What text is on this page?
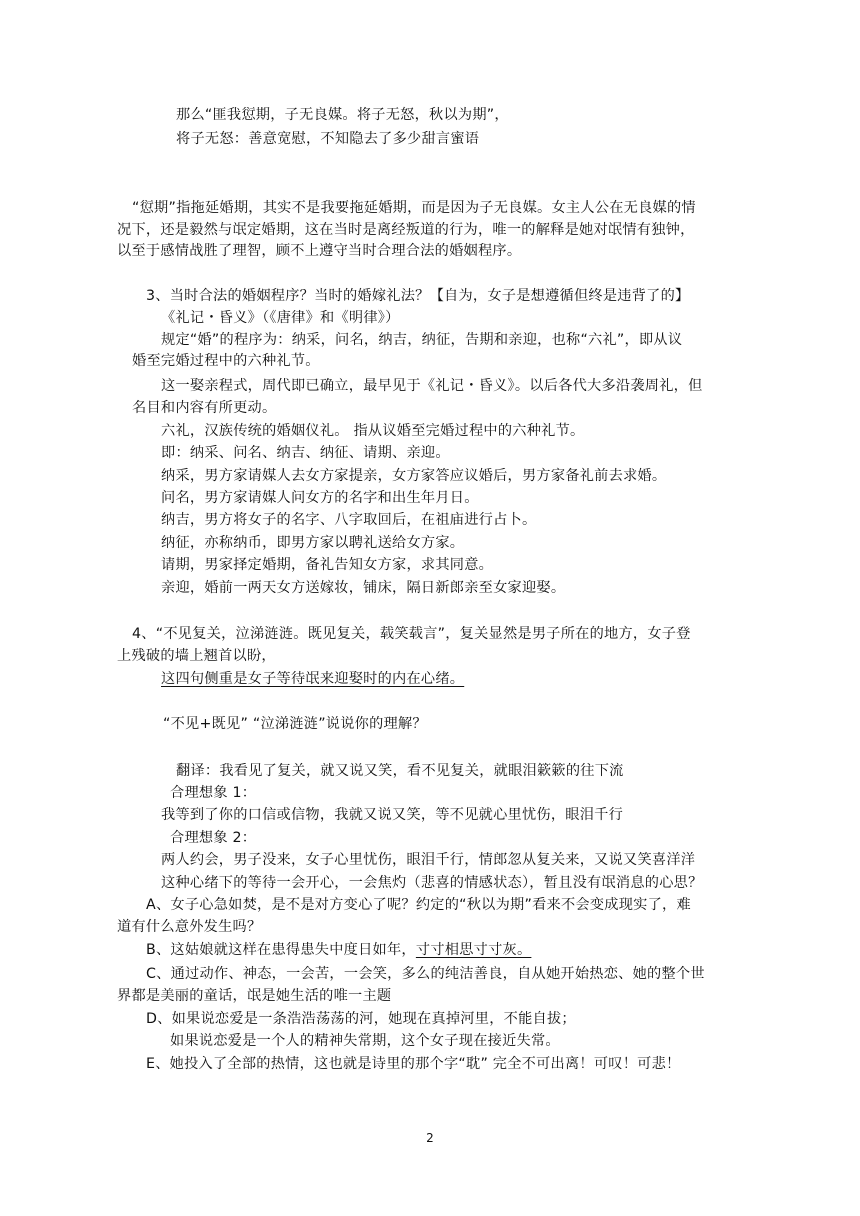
那么“匪我愆期，子无良媒。将子无怒，秋以为期”，
将子无怒：善意宽慰，不知隐去了多少甜言蜜语
“愆期”指拖延婚期，其实不是我要拖延婚期，而是因为子无良媒。女主人公在无良媒的情
况下，还是毅然与氓定婚期，这在当时是离经叛道的行为，唯一的解释是她对氓情有独钟，
以至于感情战胜了理智，顾不上遵守当时合理合法的婚姻程序。
3、当时合法的婚姻程序？当时的婚嫁礼法？【自为，女子是想遵循但终是违背了的】
《礼记・昏义》（《唐律》和《明律》）
规定“婚”的程序为：纳采，问名，纳吉，纳征，告期和亲迎，也称“六礼”，即从议
婚至完婚过程中的六种礼节。
这一娶亲程式，周代即已确立，最早见于《礼记・昏义》。以后各代大多沿袭周礼，但
名目和内容有所更动。
六礼，汉族传统的婚姻仪礼。 指从议婚至完婚过程中的六种礼节。
即：纳采、问名、纳吉、纳征、请期、亲迎。
纳采，男方家请媒人去女方家提亲，女方家答应议婚后，男方家备礼前去求婚。
问名，男方家请媒人问女方的名字和出生年月日。
纳吉，男方将女子的名字、八字取回后，在祖庙进行占卜。
纳征，亦称纳币，即男方家以聘礼送给女方家。
请期，男家择定婚期，备礼告知女方家，求其同意。
亲迎，婚前一两天女方送嫁妆，铺床，隔日新郎亲至女家迎娶。
4、“不见复关，泣涕涟涟。既见复关，载笑载言”，复关显然是男子所在的地方，女子登
上残破的墙上翘首以盼，
这四句侧重是女子等待氓来迎娶时的内在心绪。
“不见+既见” “泣涕涟涟”说说你的理解？
翻译：我看见了复关，就又说又笑，看不见复关，就眼泪簌簌的往下流
合理想象 1：
我等到了你的口信或信物，我就又说又笑，等不见就心里忧伤，眼泪千行
合理想象 2：
两人约会，男子没来，女子心里忧伤，眼泪千行，情郎忽从复关来，又说又笑喜洋洋
这种心绪下的等待一会开心，一会焦灼（悲喜的情感状态），暂且没有氓消息的心思？
A、女子心急如焚，是不是对方变心了呢？约定的“秋以为期”看来不会变成现实了，难
道有什么意外发生吗？
B、这姑娘就这样在患得患失中度日如年，寸寸相思寸寸灰。
C、通过动作、神态，一会苦，一会笑，多么的纯洁善良，自从她开始热恋、她的整个世
界都是美丽的童话，氓是她生活的唯一主题
D、如果说恋爱是一条浩浩荡荡的河，她现在真掉河里，不能自拔；
如果说恋爱是一个人的精神失常期，这个女子现在接近失常。
E、她投入了全部的热情，这也就是诗里的那个字“耽” 完全不可出离！可叹！可悲！
2
